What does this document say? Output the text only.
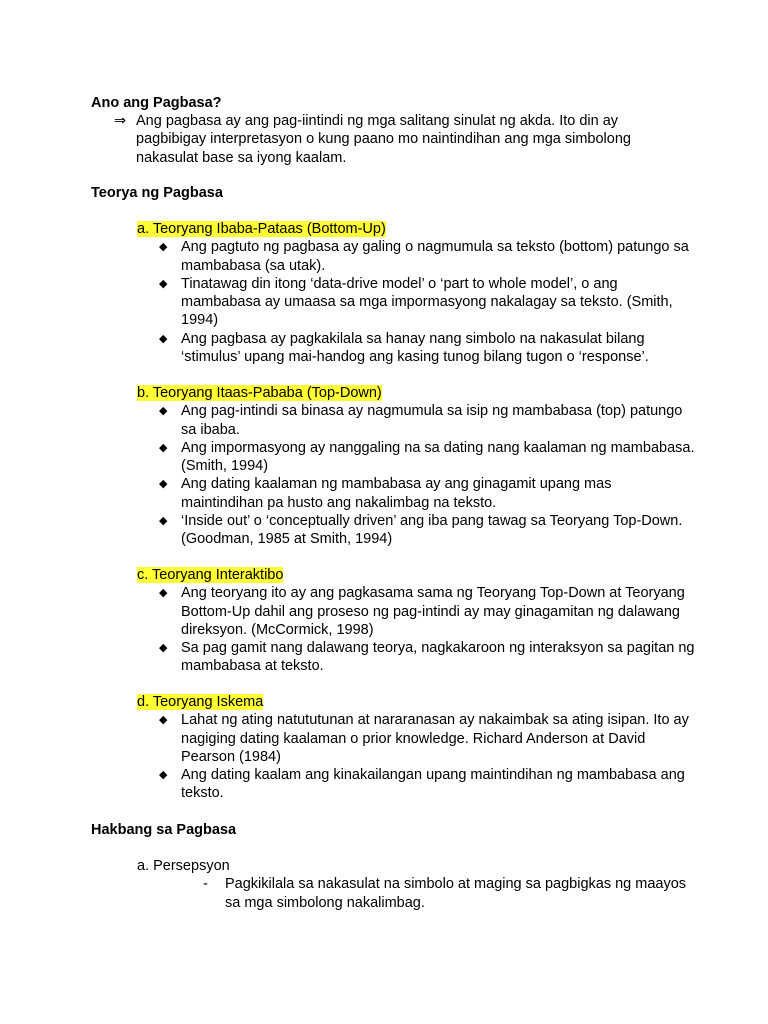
Ano ang Pagbasa?
⇒ Ang pagbasa ay ang pag-iintindi ng mga salitang sinulat ng akda. Ito din ay pagbibigay interpretasyon o kung paano mo naintindihan ang mga simbolong nakasulat base sa iyong kaalam.
Teorya ng Pagbasa
a. Teoryang Ibaba-Pataas (Bottom-Up)
◆ Ang pagtuto ng pagbasa ay galing o nagmumula sa teksto (bottom) patungo sa mambabasa (sa utak).
◆ Tinatawag din itong ‘data-drive model’ o ‘part to whole model’, o ang mambabasa ay umaasa sa mga impormasyong nakalagay sa teksto. (Smith, 1994)
◆ Ang pagbasa ay pagkakilala sa hanay nang simbolo na nakasulat bilang ‘stimulus’ upang mai-handog ang kasing tunog bilang tugon o ‘response’.
b. Teoryang Itaas-Pababa (Top-Down)
◆ Ang pag-intindi sa binasa ay nagmumula sa isip ng mambabasa (top) patungo sa ibaba.
◆ Ang impormasyong ay nanggaling na sa dating nang kaalaman ng mambabasa. (Smith, 1994)
◆ Ang dating kaalaman ng mambabasa ay ang ginagamit upang mas maintindihan pa husto ang nakalimbag na teksto.
◆ ‘Inside out’ o ‘conceptually driven’ ang iba pang tawag sa Teoryang Top-Down. (Goodman, 1985 at Smith, 1994)
c. Teoryang Interaktibo
◆ Ang teoryang ito ay ang pagkasama sama ng Teoryang Top-Down at Teoryang Bottom-Up dahil ang proseso ng pag-intindi ay may ginagamitan ng dalawang direksyon. (McCormick, 1998)
◆ Sa pag gamit nang dalawang teorya, nagkakaroon ng interaksyon sa pagitan ng mambabasa at teksto.
d. Teoryang Iskema
◆ Lahat ng ating natututunan at nararanasan ay nakaimbak sa ating isipan. Ito ay nagiging dating kaalaman o prior knowledge. Richard Anderson at David Pearson (1984)
◆ Ang dating kaalam ang kinakailangan upang maintindihan ng mambabasa ang teksto.
Hakbang sa Pagbasa
a. Persepsyon
- Pagkikilala sa nakasulat na simbolo at maging sa pagbigkas ng maayos sa mga simbolong nakalimbag.
